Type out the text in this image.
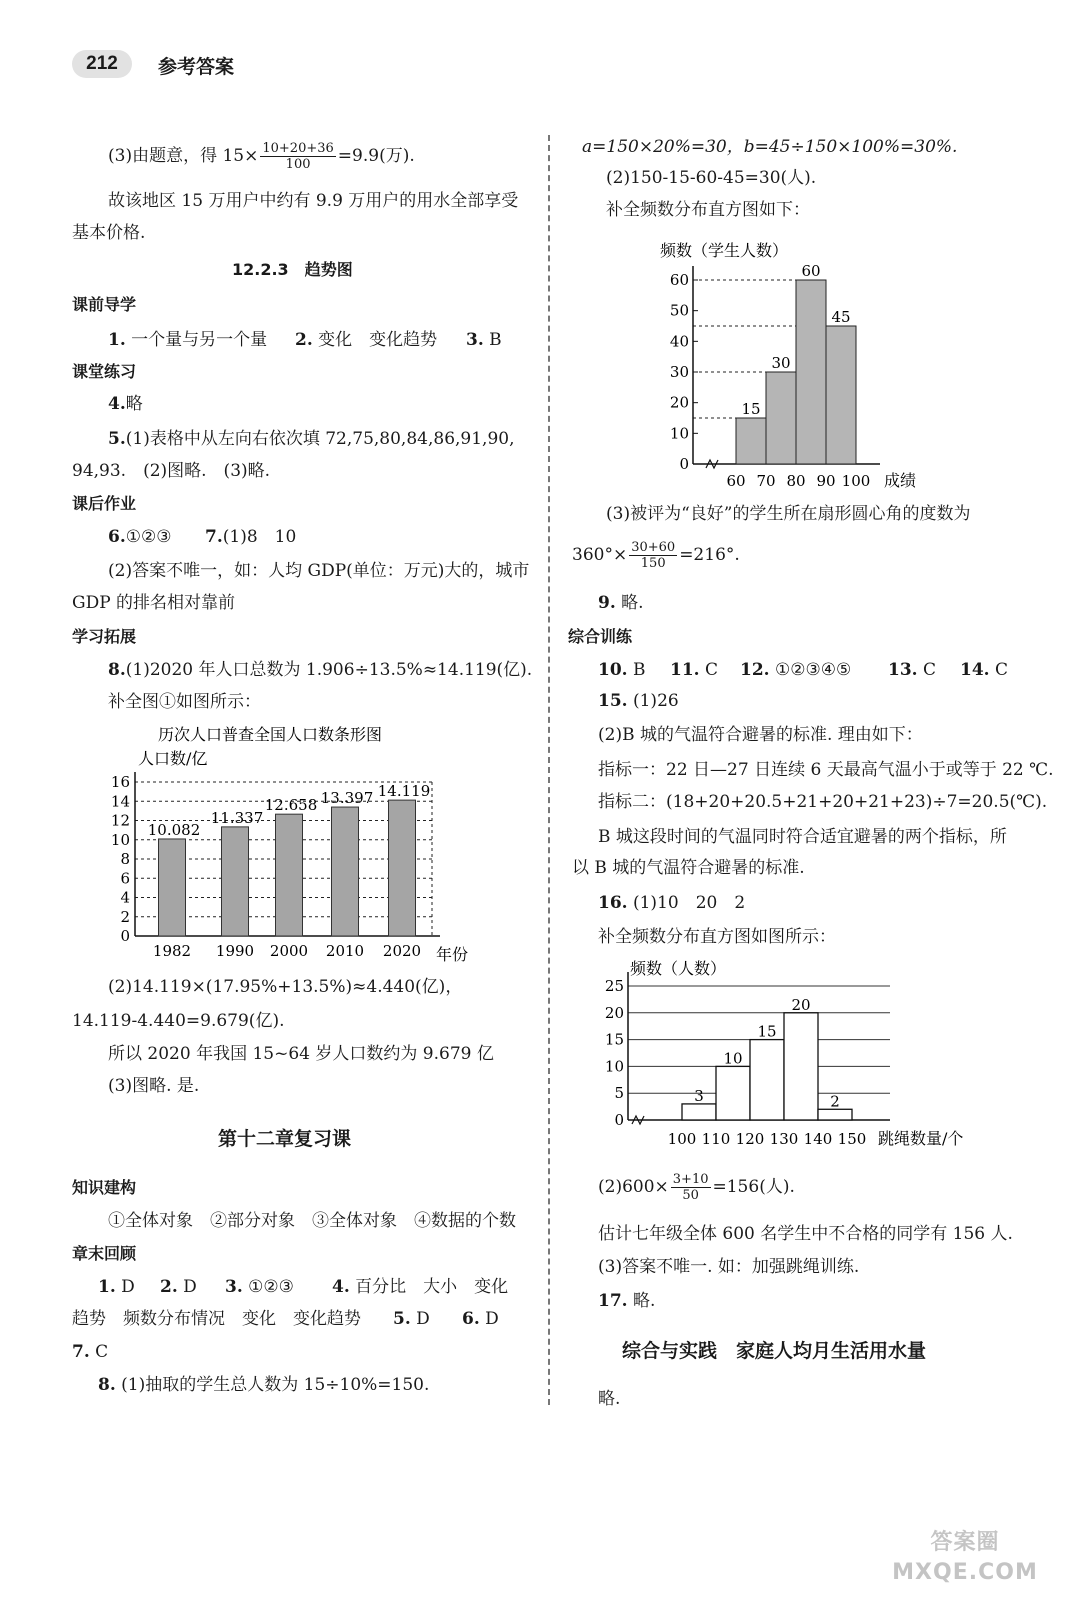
212	参考答案
(3)由题意，得 $15\times \frac{10+20+36}{100} =9.9$(万).
故该地区 15 万用户中约有 9.9 万用户的用水全部享受
基本价格.
12.2.3　趋势图
课前导学
1. 一个量与另一个量 2. 变化　变化趋势 3. B
课堂练习
4.略
5.(1)表格中从左向右依次填 72,75,80,84,86,91,90,
94,93.　(2)图略.　(3)略.
课后作业
6.①②③ 7.(1)8　10
(2)答案不唯一，如：人均 GDP(单位：万元)大的，城市
GDP 的排名相对靠前
学习拓展
8.(1)2020 年人口总数为 1.906÷13.5%≈14.119(亿).
补全图①如图所示：
历次人口普查全国人口数条形图
人口数/亿
0
2
4
6
8
10
12
14
16
10.082
1982
11.337
1990
12.658
2000
13.397
2010
14.119
2020 年份
(2)14.119×(17.95%+13.5%)≈4.440(亿)，
14.119-4.440=9.679(亿).
所以 2020 年我国 15~64 岁人口数约为 9.679 亿
(3)图略. 是.
第十二章复习课
知识建构
①全体对象　②部分对象　③全体对象　④数据的个数
章末回顾
1. D 2. D 3. ①②③ 4. 百分比　大小　变化
趋势　频数分布情况　变化　变化趋势 5. D 6. D
7. C
8. (1)抽取的学生总人数为 15÷10%=150.
a=150×20%=30，b=45÷150×100%=30%.
(2)150-15-60-45=30(人).
补全频数分布直方图如下：
频数（学生人数）
0
10
20
30
40
50
60
15
30
60
45
60 70 80 90 100 成绩
(3)被评为“良好”的学生所在扇形圆心角的度数为
$360^\circ\times \frac{30+60}{150} =216^\circ$.
9. 略.
综合训练
10. B 11. C 12. ①②③④⑤ 13. C 14. C
15. (1)26
(2)B 城的气温符合避暑的标准. 理由如下：
指标一：22 日—27 日连续 6 天最高气温小于或等于 22 ℃.
指标二：(18+20+20.5+21+20+21+23)÷7=20.5(℃).
B 城这段时间的气温同时符合适宜避暑的两个指标，所
以 B 城的气温符合避暑的标准.
16. (1)10　20　2
补全频数分布直方图如图所示：
频数（人数）
0
5
10
15
20
25
3
10
15
20
2
100 110 120 130 140 150 跳绳数量/个
$(2)600\times \frac{3+10}{50} =156$(人).
估计七年级全体 600 名学生中不合格的同学有 156 人.
(3)答案不唯一. 如：加强跳绳训练.
17. 略.
综合与实践　家庭人均月生活用水量
略.
答案圈 MXQE.COM
